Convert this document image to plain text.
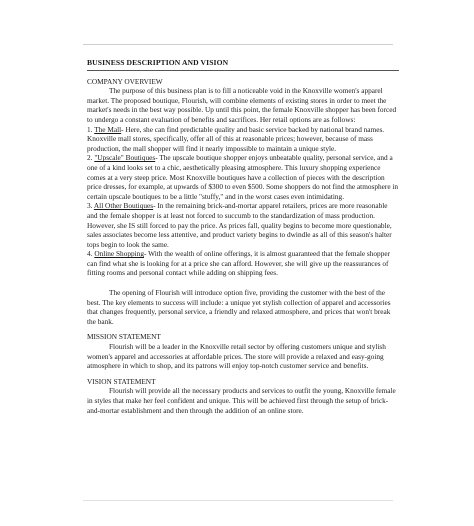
BUSINESS DESCRIPTION AND VISION
COMPANY OVERVIEW

The purpose of this business plan is to fill a noticeable void in the Knoxville women's apparel market. The proposed boutique, Flourish, will combine elements of existing stores in order to meet the market's needs in the best way possible. Up until this point, the female Knoxville shopper has been forced to undergo a constant evaluation of benefits and sacrifices. Her retail options are as follows:

1. The Mall- Here, she can find predictable quality and basic service backed by national brand names. Knoxville mall stores, specifically, offer all of this at reasonable prices; however, because of mass production, the mall shopper will find it nearly impossible to maintain a unique style.

2. "Upscale" Boutiques- The upscale boutique shopper enjoys unbeatable quality, personal service, and a one of a kind looks set to a chic, aesthetically pleasing atmosphere. This luxury shopping experience comes at a very steep price. Most Knoxville boutiques have a collection of pieces with the description price dresses, for example, at upwards of $300 to even $500. Some shoppers do not find the atmosphere in certain upscale boutiques to be a little "stuffy," and in the worst cases even intimidating.

3. All Other Boutiques- In the remaining brick-and-mortar apparel retailers, prices are more reasonable and the female shopper is at least not forced to succumb to the standardization of mass production. However, she IS still forced to pay the price. As prices fall, quality begins to become more questionable, sales associates become less attentive, and product variety begins to dwindle as all of this season's halter tops begin to look the same.

4. Online Shopping- With the wealth of online offerings, it is almost guaranteed that the female shopper can find what she is looking for at a price she can afford. However, she will give up the reassurances of fitting rooms and personal contact while adding on shipping fees.

The opening of Flourish will introduce option five, providing the customer with the best of the best. The key elements to success will include: a unique yet stylish collection of apparel and accessories that changes frequently, personal service, a friendly and relaxed atmosphere, and prices that won't break the bank.

MISSION STATEMENT

Flourish will be a leader in the Knoxville retail sector by offering customers unique and stylish women's apparel and accessories at affordable prices. The store will provide a relaxed and easy-going atmosphere in which to shop, and its patrons will enjoy top-notch customer service and benefits.

VISION STATEMENT

Flourish will provide all the necessary products and services to outfit the young, Knoxville female in styles that make her feel confident and unique. This will be achieved first through the setup of brick-and-mortar establishment and then through the addition of an online store.
